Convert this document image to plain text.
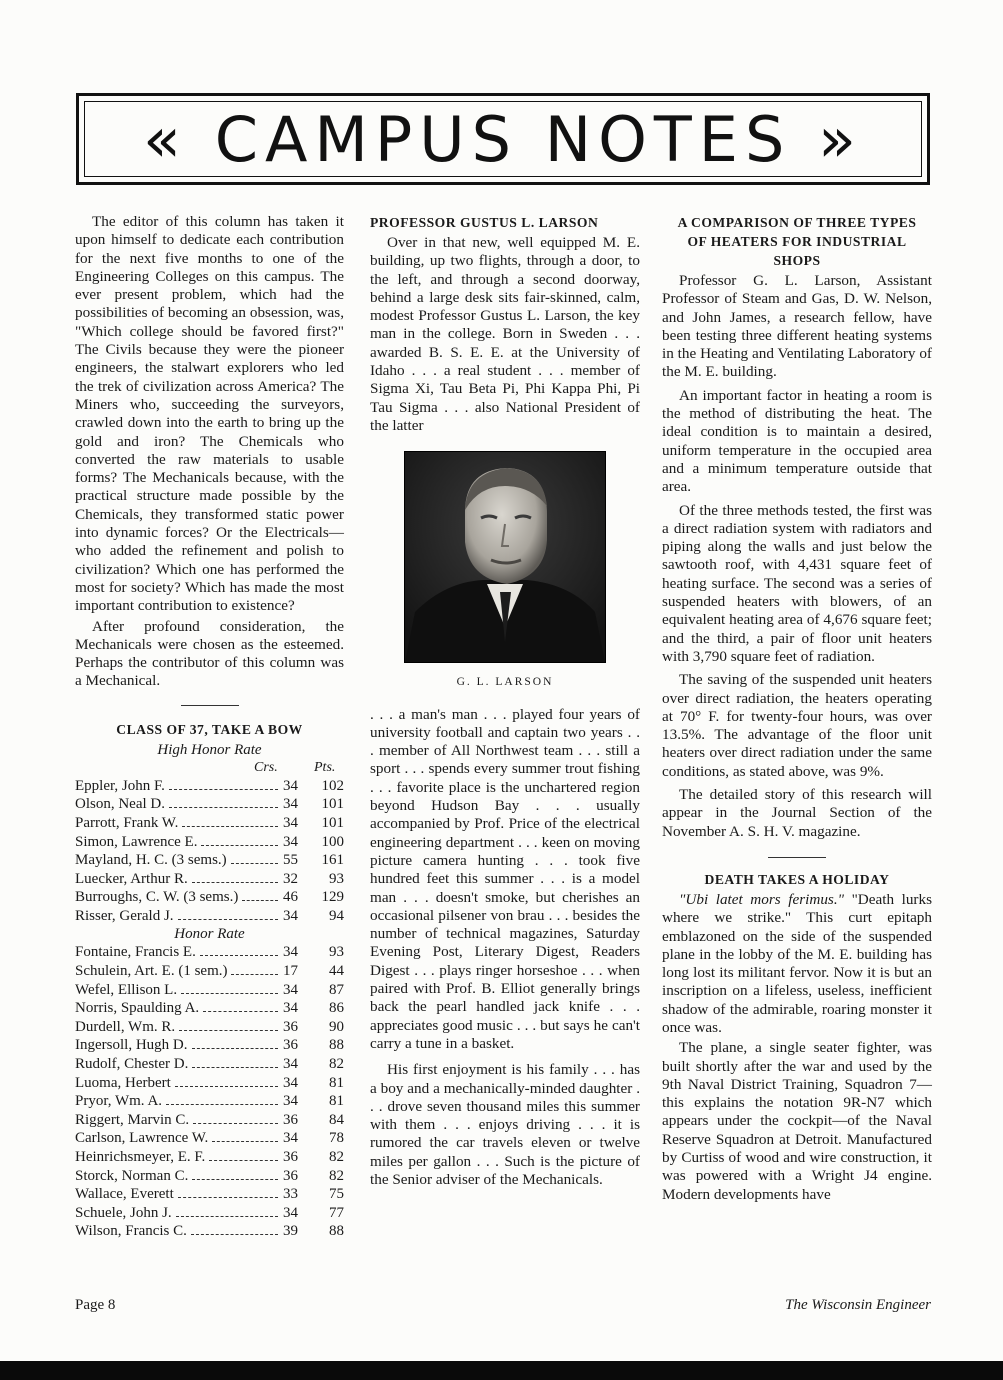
« CAMPUS NOTES »

The editor of this column has taken it upon himself to dedicate each contribution for the next five months to one of the Engineering Colleges on this campus. The ever present problem, which had the possibilities of becoming an obsession, was, "Which college should be favored first?" The Civils because they were the pioneer engineers, the stalwart explorers who led the trek of civilization across America? The Miners who, succeeding the surveyors, crawled down into the earth to bring up the gold and iron? The Chemicals who converted the raw materials to usable forms? The Mechanicals because, with the practical structure made possible by the Chemicals, they transformed static power into dynamic forces? Or the Electricals—who added the refinement and polish to civilization? Which one has performed the most for society? Which has made the most important contribution to existence?

After profound consideration, the Mechanicals were chosen as the esteemed. Perhaps the contributor of this column was a Mechanical.

CLASS OF 37, TAKE A BOW
High Honor Rate
Crs.	Pts.
Eppler, John F.	34	102
Olson, Neal D.	34	101
Parrott, Frank W.	34	101
Simon, Lawrence E.	34	100
Mayland, H. C. (3 sems.)	55	161
Luecker, Arthur R.	32	93
Burroughs, C. W. (3 sems.)	46	129
Risser, Gerald J.	34	94
Honor Rate
Fontaine, Francis E.	34	93
Schulein, Art. E. (1 sem.)	17	44
Wefel, Ellison L.	34	87
Norris, Spaulding A.	34	86
Durdell, Wm. R.	36	90
Ingersoll, Hugh D.	36	88
Rudolf, Chester D.	34	82
Luoma, Herbert	34	81
Pryor, Wm. A.	34	81
Riggert, Marvin C.	36	84
Carlson, Lawrence W.	34	78
Heinrichsmeyer, E. F.	36	82
Storck, Norman C.	36	82
Wallace, Everett	33	75
Schuele, John J.	34	77
Wilson, Francis C.	39	88
PROFESSOR GUSTUS L. LARSON

Over in that new, well equipped M. E. building, up two flights, through a door, to the left, and through a second doorway, behind a large desk sits fair-skinned, calm, modest Professor Gustus L. Larson, the key man in the college. Born in Sweden . . . awarded B. S. E. E. at the University of Idaho . . . a real student . . . member of Sigma Xi, Tau Beta Pi, Phi Kappa Phi, Pi Tau Sigma . . . also National President of the latter

G. L. LARSON

. . . a man's man . . . played four years of university football and captain two years . . . member of All Northwest team . . . still a sport . . . spends every summer trout fishing . . . favorite place is the unchartered region beyond Hudson Bay . . . usually accompanied by Prof. Price of the electrical engineering department . . . keen on moving picture camera hunting . . . took five hundred feet this summer . . . is a model man . . . doesn't smoke, but cherishes an occasional pilsener von brau . . . besides the number of technical magazines, Saturday Evening Post, Literary Digest, Readers Digest . . . plays ringer horseshoe . . . when paired with Prof. B. Elliot generally brings back the pearl handled jack knife . . . appreciates good music . . . but says he can't carry a tune in a basket.

His first enjoyment is his family . . . has a boy and a mechanically-minded daughter . . . drove seven thousand miles this summer with them . . . enjoys driving . . . it is rumored the car travels eleven or twelve miles per gallon . . . Such is the picture of the Senior adviser of the Mechanicals.

A COMPARISON OF THREE TYPES OF HEATERS FOR INDUSTRIAL SHOPS

Professor G. L. Larson, Assistant Professor of Steam and Gas, D. W. Nelson, and John James, a research fellow, have been testing three different heating systems in the Heating and Ventilating Laboratory of the M. E. building.

An important factor in heating a room is the method of distributing the heat. The ideal condition is to maintain a desired, uniform temperature in the occupied area and a minimum temperature outside that area.

Of the three methods tested, the first was a direct radiation system with radiators and piping along the walls and just below the sawtooth roof, with 4,431 square feet of heating surface. The second was a series of suspended heaters with blowers, of an equivalent heating area of 4,676 square feet; and the third, a pair of floor unit heaters with 3,790 square feet of radiation.

The saving of the suspended unit heaters over direct radiation, the heaters operating at 70° F. for twenty-four hours, was over 13.5%. The advantage of the floor unit heaters over direct radiation under the same conditions, as stated above, was 9%.

The detailed story of this research will appear in the Journal Section of the November A. S. H. V. magazine.

DEATH TAKES A HOLIDAY

"Ubi latet mors ferimus." "Death lurks where we strike." This curt epitaph emblazoned on the side of the suspended plane in the lobby of the M. E. building has long lost its militant fervor. Now it is but an inscription on a lifeless, useless, inefficient shadow of the admirable, roaring monster it once was.

The plane, a single seater fighter, was built shortly after the war and used by the 9th Naval District Training, Squadron 7—this explains the notation 9R-N7 which appears under the cockpit—of the Naval Reserve Squadron at Detroit. Manufactured by Curtiss of wood and wire construction, it was powered with a Wright J4 engine. Modern developments have

Page 8	The Wisconsin Engineer
